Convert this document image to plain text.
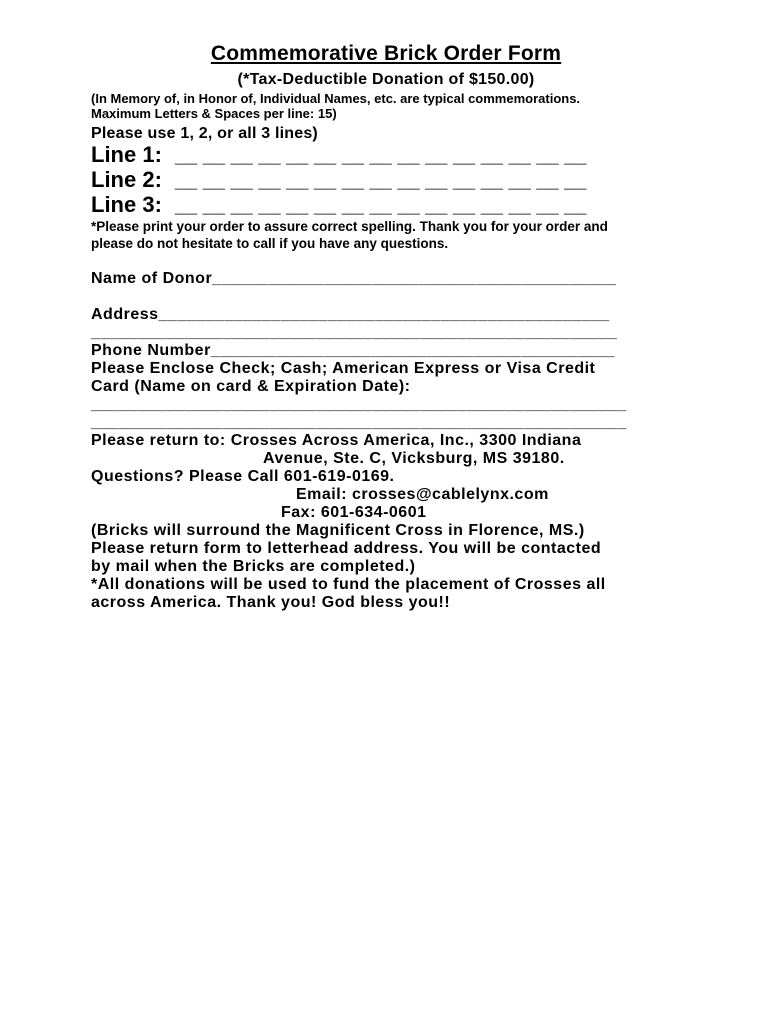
Commemorative Brick Order Form
(*Tax-Deductible Donation of $150.00)
(In Memory of, in Honor of, Individual Names, etc. are typical commemorations.
Maximum Letters & Spaces per line: 15)
Please use 1, 2, or all 3 lines)
Line 1: __ __ __ __ __ __ __ __ __ __ __ __ __ __ __
Line 2: __ __ __ __ __ __ __ __ __ __ __ __ __ __ __
Line 3: __ __ __ __ __ __ __ __ __ __ __ __ __ __ __
*Please print your order to assure correct spelling. Thank you for your order and
please do not hesitate to call if you have any questions.
Name of Donor___________________________________________
Address________________________________________________
________________________________________________________
Phone Number___________________________________________
Please Enclose Check; Cash; American Express or Visa Credit
Card (Name on card & Expiration Date):
_________________________________________________________
_________________________________________________________
Please return to: Crosses Across America, Inc., 3300 Indiana
Avenue, Ste. C, Vicksburg, MS 39180.
Questions? Please Call 601-619-0169.
Email: crosses@cablelynx.com
Fax: 601-634-0601
(Bricks will surround the Magnificent Cross in Florence, MS.)
Please return form to letterhead address. You will be contacted
by mail when the Bricks are completed.)
*All donations will be used to fund the placement of Crosses all
across America. Thank you! God bless you!!
